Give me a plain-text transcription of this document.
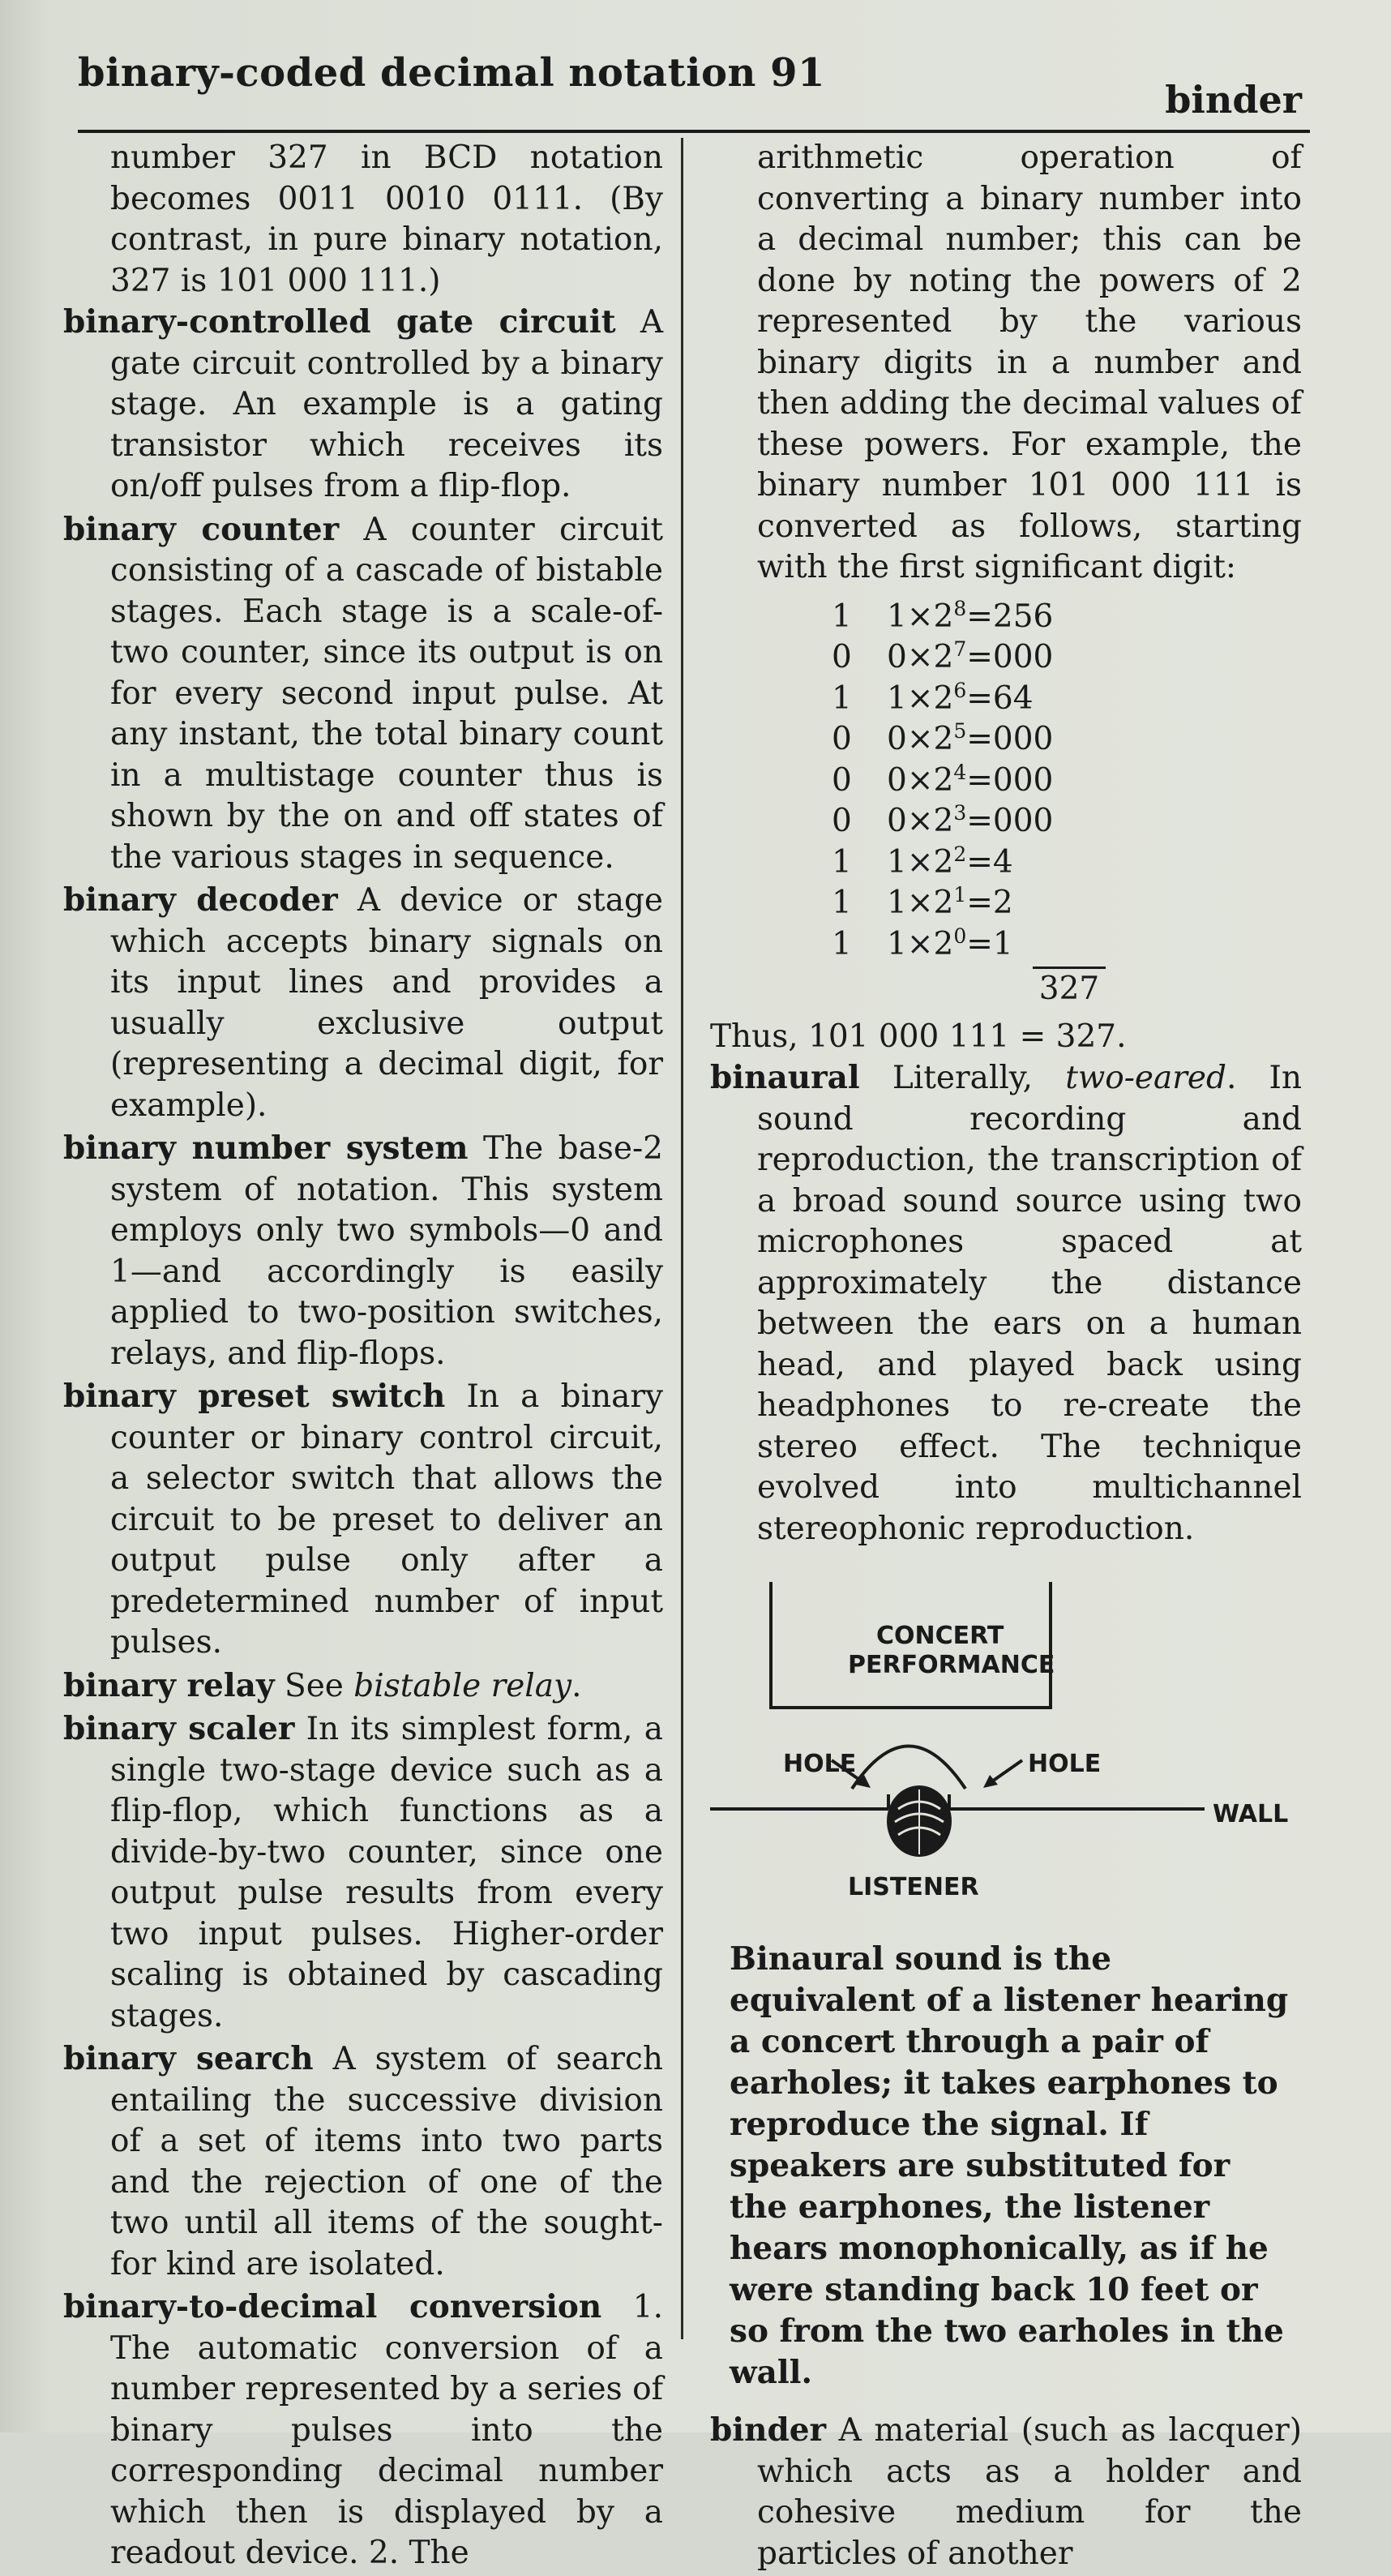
binary-coded decimal notation 91
binder
number 327 in BCD notation becomes 0011 0010 0111. (By contrast, in pure binary notation, 327 is 101 000 111.)
binary-controlled gate circuit A gate circuit controlled by a binary stage. An example is a gating transistor which receives its on/off pulses from a flip-flop.
binary counter A counter circuit consisting of a cascade of bistable stages. Each stage is a scale-of-two counter, since its output is on for every second input pulse. At any instant, the total binary count in a multistage counter thus is shown by the on and off states of the various stages in sequence.
binary decoder A device or stage which accepts binary signals on its input lines and provides a usually exclusive output (representing a decimal digit, for example).
binary number system The base-2 system of notation. This system employs only two symbols—0 and 1—and accordingly is easily applied to two-position switches, relays, and flip-flops.
binary preset switch In a binary counter or binary control circuit, a selector switch that allows the circuit to be preset to deliver an output pulse only after a predetermined number of input pulses.
binary relay See bistable relay.
binary scaler In its simplest form, a single two-stage device such as a flip-flop, which functions as a divide-by-two counter, since one output pulse results from every two input pulses. Higher-order scaling is obtained by cascading stages.
binary search A system of search entailing the successive division of a set of items into two parts and the rejection of one of the two until all items of the sought-for kind are isolated.
binary-to-decimal conversion 1. The automatic conversion of a number represented by a series of binary pulses into the corresponding decimal number which then is displayed by a readout device. 2. The
arithmetic operation of converting a binary number into a decimal number; this can be done by noting the powers of 2 represented by the various binary digits in a number and then adding the decimal values of these powers. For example, the binary number 101 000 111 is converted as follows, starting with the first significant digit:
1	$1\times 2^8=256$
0	$0\times 2^7=000$
1	$1\times 2^6=64$
0	$0\times 2^5=000$
0	$0\times 2^4=000$
0	$0\times 2^3=000$
1	$1\times 2^2=4$
1	$1\times 2^1=2$
1	$1\times 2^0=1$
327
Thus, 101 000 111 = 327.
binaural Literally, two-eared. In sound recording and reproduction, the transcription of a broad sound source using two microphones spaced at approximately the distance between the ears on a human head, and played back using headphones to re-create the stereo effect. The technique evolved into multichannel stereophonic reproduction.
CONCERT
PERFORMANCE
HOLE	HOLE
WALL
LISTENER
Binaural sound is the equivalent of a listener hearing a concert through a pair of earholes; it takes earphones to reproduce the signal. If speakers are substituted for the earphones, the listener hears monophonically, as if he were standing back 10 feet or so from the two earholes in the wall.
binder A material (such as lacquer) which acts as a holder and cohesive medium for the particles of another
